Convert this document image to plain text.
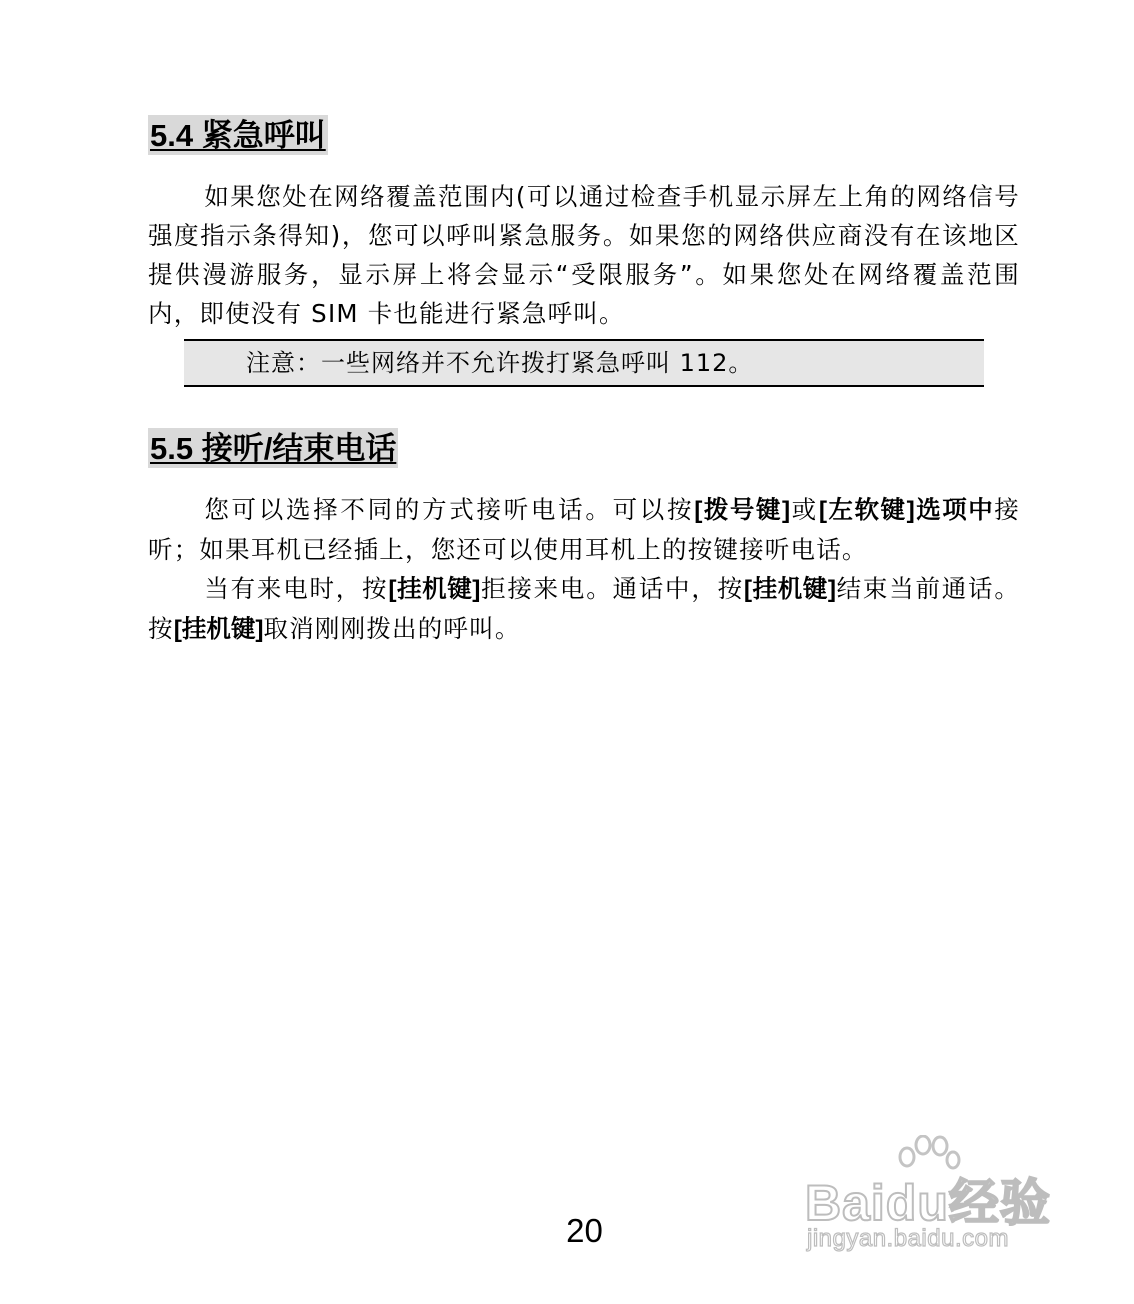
5.4 紧急呼叫

如果您处在网络覆盖范围内(可以通过检查手机显示屏左上角的网络信号强度指示条得知)，您可以呼叫紧急服务。如果您的网络供应商没有在该地区提供漫游服务，显示屏上将会显示“受限服务”。如果您处在网络覆盖范围内，即使没有 SIM 卡也能进行紧急呼叫。

注意：一些网络并不允许拨打紧急呼叫 112。
5.5 接听/结束电话

您可以选择不同的方式接听电话。可以按[拨号键]或[左软键]选项中接听；如果耳机已经插上，您还可以使用耳机上的按键接听电话。

当有来电时，按[挂机键]拒接来电。通话中，按[挂机键]结束当前通话。按[挂机键]取消刚刚拨出的呼叫。

20	Baidu经验
jingyan.baidu.com
